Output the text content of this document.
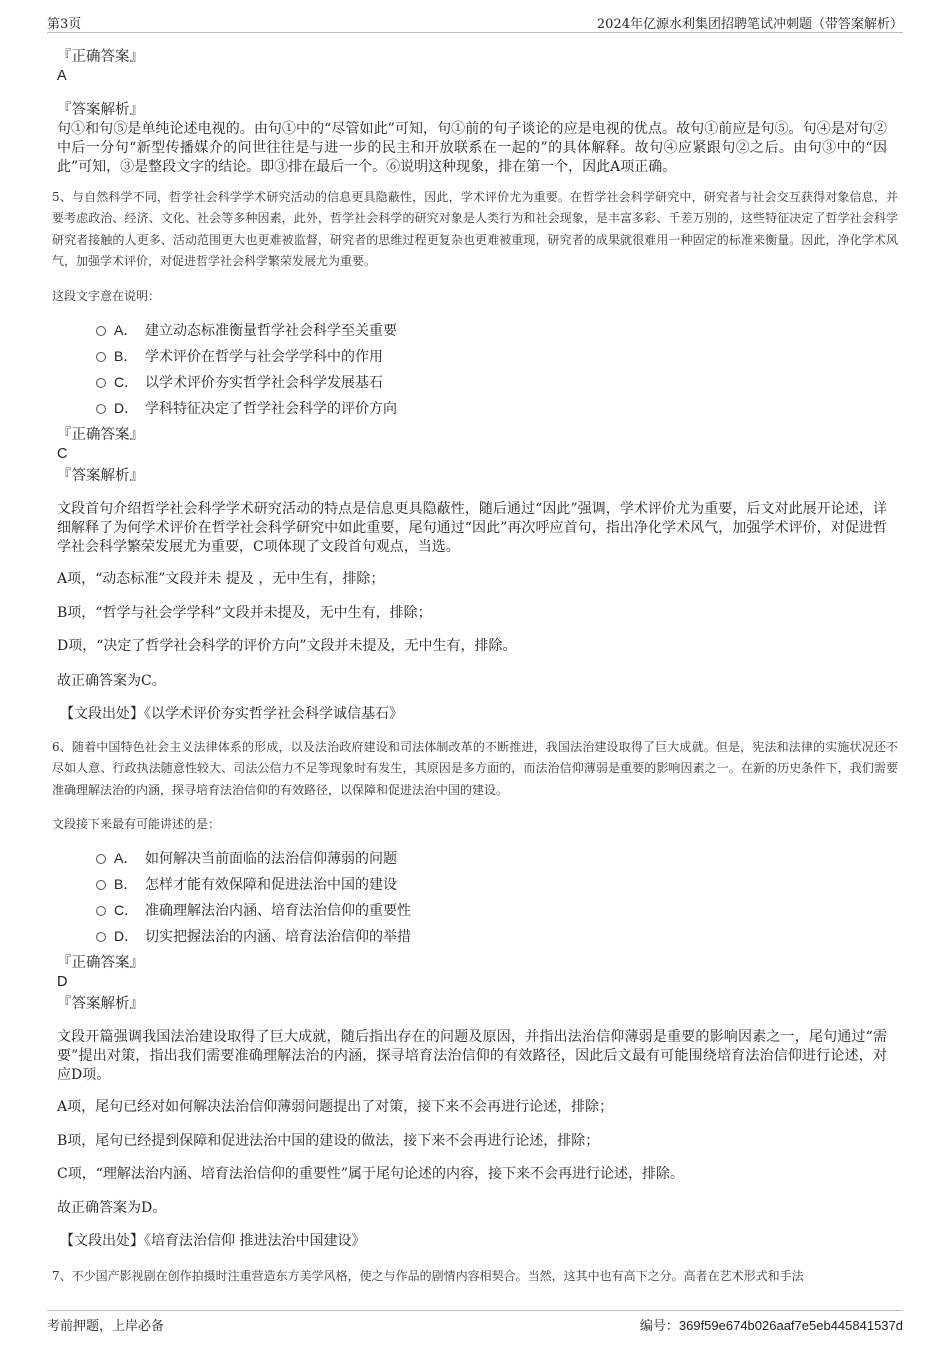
第3页	2024年亿源水利集团招聘笔试冲刺题（带答案解析）
『正确答案』
A
『答案解析』
句①和句⑤是单纯论述电视的。由句①中的“尽管如此”可知，句①前的句子谈论的应是电视的优点。故句①前应是句⑤。句④是对句②中后一分句“新型传播媒介的问世往往是与进一步的民主和开放联系在一起的”的具体解释。故句④应紧跟句②之后。由句③中的“因此”可知，③是整段文字的结论。即③排在最后一个。⑥说明这种现象，排在第一个，因此A项正确。
5、与自然科学不同，哲学社会科学学术研究活动的信息更具隐蔽性，因此，学术评价尤为重要。在哲学社会科学研究中，研究者与社会交互获得对象信息，并要考虑政治、经济、文化、社会等多种因素，此外，哲学社会科学的研究对象是人类行为和社会现象，是丰富多彩、千差万别的，这些特征决定了哲学社会科学研究者接触的人更多、活动范围更大也更难被监督，研究者的思维过程更复杂也更难被重现，研究者的成果就很难用一种固定的标准来衡量。因此，净化学术风气，加强学术评价，对促进哲学社会科学繁荣发展尤为重要。
这段文字意在说明：
A． 建立动态标准衡量哲学社会科学至关重要
B． 学术评价在哲学与社会学学科中的作用
C． 以学术评价夯实哲学社会科学发展基石
D． 学科特征决定了哲学社会科学的评价方向
『正确答案』
C
『答案解析』
文段首句介绍哲学社会科学学术研究活动的特点是信息更具隐蔽性，随后通过“因此”强调，学术评价尤为重要，后文对此展开论述，详细解释了为何学术评价在哲学社会科学研究中如此重要，尾句通过“因此”再次呼应首句，指出净化学术风气，加强学术评价，对促进哲学社会科学繁荣发展尤为重要，C项体现了文段首句观点，当选。
A项，“动态标准”文段并未 提及 ，无中生有，排除；
B项，“哲学与社会学学科”文段并未提及，无中生有，排除；
D项，“决定了哲学社会科学的评价方向”文段并未提及，无中生有，排除。
故正确答案为C。
【文段出处】《以学术评价夯实哲学社会科学诚信基石》
6、随着中国特色社会主义法律体系的形成，以及法治政府建设和司法体制改革的不断推进，我国法治建设取得了巨大成就。但是，宪法和法律的实施状况还不尽如人意、行政执法随意性较大、司法公信力不足等现象时有发生，其原因是多方面的，而法治信仰薄弱是重要的影响因素之一。在新的历史条件下，我们需要准确理解法治的内涵，探寻培育法治信仰的有效路径，以保障和促进法治中国的建设。
文段接下来最有可能讲述的是：
A． 如何解决当前面临的法治信仰薄弱的问题
B． 怎样才能有效保障和促进法治中国的建设
C． 准确理解法治内涵、培育法治信仰的重要性
D． 切实把握法治的内涵、培育法治信仰的举措
『正确答案』
D
『答案解析』
文段开篇强调我国法治建设取得了巨大成就，随后指出存在的问题及原因，并指出法治信仰薄弱是重要的影响因素之一，尾句通过“需要”提出对策，指出我们需要准确理解法治的内涵，探寻培育法治信仰的有效路径，因此后文最有可能围绕培育法治信仰进行论述，对应D项。
A项，尾句已经对如何解决法治信仰薄弱问题提出了对策，接下来不会再进行论述，排除；
B项，尾句已经提到保障和促进法治中国的建设的做法，接下来不会再进行论述，排除；
C项，“理解法治内涵、培育法治信仰的重要性”属于尾句论述的内容，接下来不会再进行论述，排除。
故正确答案为D。
【文段出处】《培育法治信仰 推进法治中国建设》
7、不少国产影视剧在创作拍摄时注重营造东方美学风格，使之与作品的剧情内容相契合。当然，这其中也有高下之分。高者在艺术形式和手法
考前押题，上岸必备	编号：369f59e674b026aaf7e5eb445841537d
